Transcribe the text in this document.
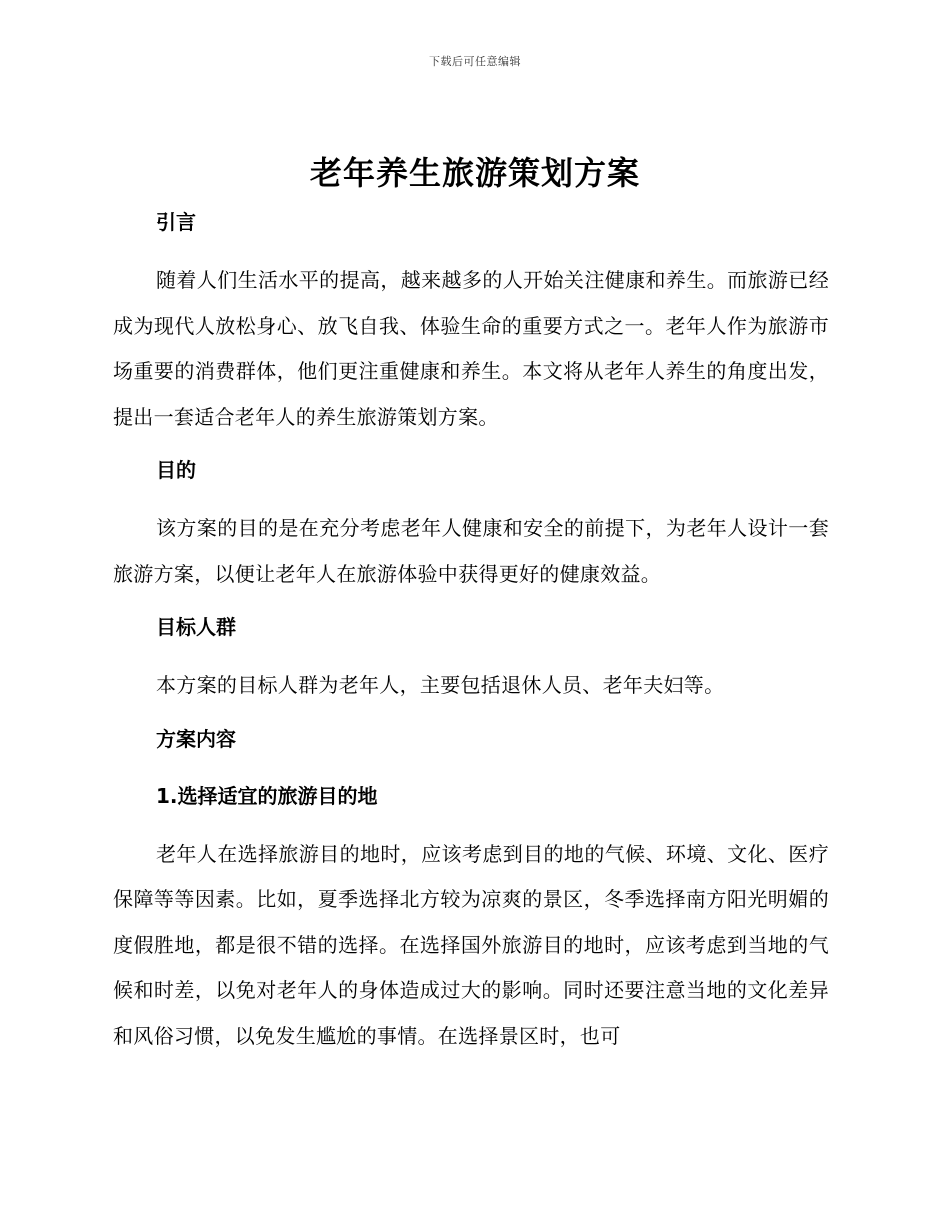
下载后可任意编辑
老年养生旅游策划方案
引言

随着人们生活水平的提高，越来越多的人开始关注健康和养生。而旅游已经成为现代人放松身心、放飞自我、体验生命的重要方式之一。老年人作为旅游市场重要的消费群体，他们更注重健康和养生。本文将从老年人养生的角度出发，提出一套适合老年人的养生旅游策划方案。

目的

该方案的目的是在充分考虑老年人健康和安全的前提下，为老年人设计一套旅游方案，以便让老年人在旅游体验中获得更好的健康效益。

目标人群

本方案的目标人群为老年人，主要包括退休人员、老年夫妇等。

方案内容
1.选择适宜的旅游目的地

老年人在选择旅游目的地时，应该考虑到目的地的气候、环境、文化、医疗保障等等因素。比如，夏季选择北方较为凉爽的景区，冬季选择南方阳光明媚的度假胜地，都是很不错的选择。在选择国外旅游目的地时，应该考虑到当地的气候和时差，以免对老年人的身体造成过大的影响。同时还要注意当地的文化差异和风俗习惯，以免发生尴尬的事情。在选择景区时，也可
